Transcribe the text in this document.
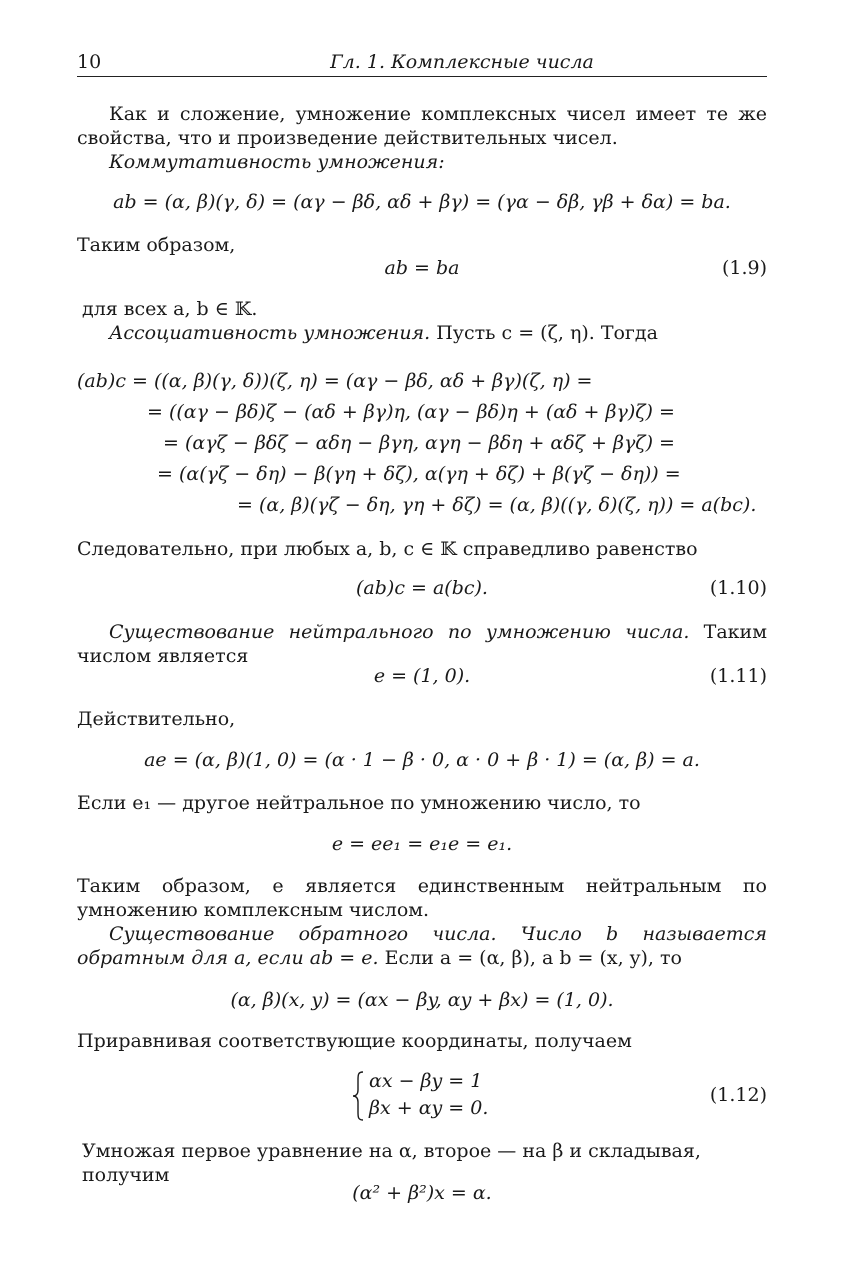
10	Гл. 1. Комплексные числа
Как и сложение, умножение комплексных чисел имеет те же свойства, что и произведение действительных чисел.
Коммутативность умножения:
ab = (α, β)(γ, δ) = (αγ − βδ, αδ + βγ) = (γα − δβ, γβ + δα) = ba.
Таким образом,
ab = ba	(1.9)
для всех a, b ∈ 𝕂.
Ассоциативность умножения. Пусть c = (ζ, η). Тогда
(ab)c = ((α, β)(γ, δ))(ζ, η) = (αγ − βδ, αδ + βγ)(ζ, η) =
= ((αγ − βδ)ζ − (αδ + βγ)η, (αγ − βδ)η + (αδ + βγ)ζ) =
= (αγζ − βδζ − αδη − βγη, αγη − βδη + αδζ + βγζ) =
= (α(γζ − δη) − β(γη + δζ), α(γη + δζ) + β(γζ − δη)) =
= (α, β)(γζ − δη, γη + δζ) = (α, β)((γ, δ)(ζ, η)) = a(bc).
Следовательно, при любых a, b, c ∈ 𝕂 справедливо равенство
(ab)c = a(bc).	(1.10)
Существование нейтрального по умножению числа. Таким числом является
e = (1, 0).	(1.11)
Действительно,
ae = (α, β)(1, 0) = (α · 1 − β · 0, α · 0 + β · 1) = (α, β) = a.
Если e₁ — другое нейтральное по умножению число, то
e = ee₁ = e₁e = e₁.
Таким образом, e является единственным нейтральным по умножению комплексным числом.
Существование обратного числа. Число b называется обратным для a, если ab = e. Если a = (α, β), а b = (x, y), то
(α, β)(x, y) = (αx − βy, αy + βx) = (1, 0).
Приравнивая соответствующие координаты, получаем
αx − βy = 1
βx + αy = 0.
(1.12)
Умножая первое уравнение на α, второе — на β и складывая, получим
(α² + β²)x = α.
